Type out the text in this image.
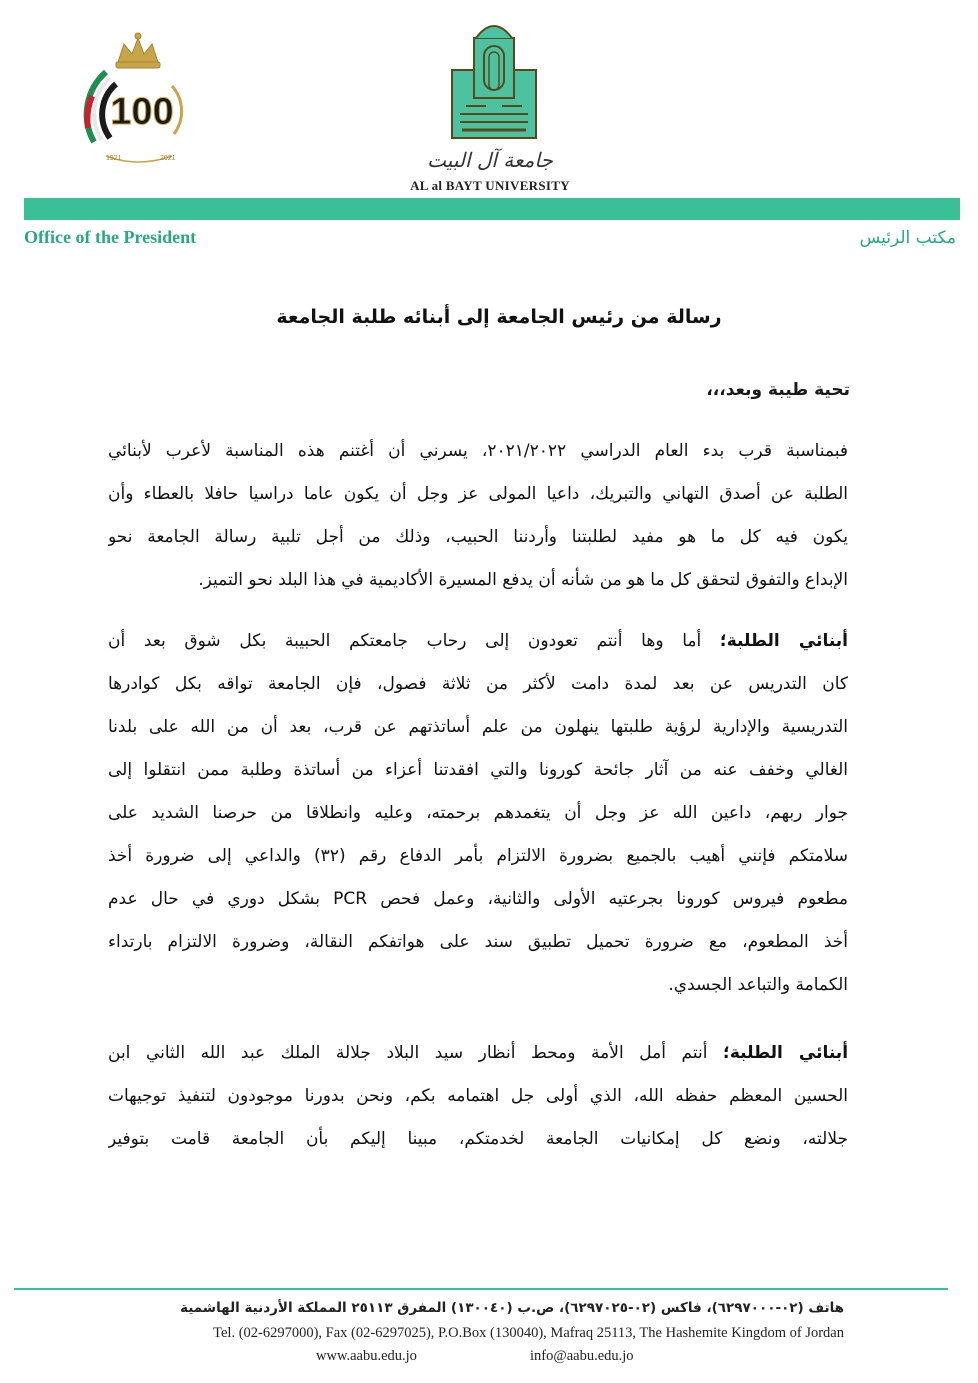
100
1921	2021	جامعة آل البيت
AL al BAYT UNIVERSITY
Office of the President	مكتب الرئيس
رسالة من رئيس الجامعة إلى أبنائه طلبة الجامعة
تحية طيبة وبعد،،،
فبمناسبة قرب بدء العام الدراسي ٢٠٢١/٢٠٢٢، يسرني أن أغتنم هذه المناسبة لأعرب لأبنائي
الطلبة عن أصدق التهاني والتبريك، داعيا المولى عز وجل أن يكون عاما دراسيا حافلا بالعطاء وأن
يكون فيه كل ما هو مفيد لطلبتنا وأردننا الحبيب، وذلك من أجل تلبية رسالة الجامعة نحو
الإبداع والتفوق لتحقق كل ما هو من شأنه أن يدفع المسيرة الأكاديمية في هذا البلد نحو التميز.
أبنائي الطلبة؛ أما وها أنتم تعودون إلى رحاب جامعتكم الحبيبة بكل شوق بعد أن
كان التدريس عن بعد لمدة دامت لأكثر من ثلاثة فصول، فإن الجامعة تواقه بكل كوادرها
التدريسية والإدارية لرؤية طلبتها ينهلون من علم أساتذتهم عن قرب، بعد أن من الله على بلدنا
الغالي وخفف عنه من آثار جائحة كورونا والتي افقدتنا أعزاء من أساتذة وطلبة ممن انتقلوا إلى
جوار ربهم، داعين الله عز وجل أن يتغمدهم برحمته، وعليه وانطلاقا من حرصنا الشديد على
سلامتكم فإنني أهيب بالجميع بضرورة الالتزام بأمر الدفاع رقم (٣٢) والداعي إلى ضرورة أخذ
مطعوم فيروس كورونا بجرعتيه الأولى والثانية، وعمل فحص PCR بشكل دوري في حال عدم
أخذ المطعوم، مع ضرورة تحميل تطبيق سند على هواتفكم النقالة، وضرورة الالتزام بارتداء
الكمامة والتباعد الجسدي.
أبنائي الطلبة؛ أنتم أمل الأمة ومحط أنظار سيد البلاد جلالة الملك عبد الله الثاني ابن
الحسين المعظم حفظه الله، الذي أولى جل اهتمامه بكم، ونحن بدورنا موجودون لتنفيذ توجيهات
جلالته، ونضع كل إمكانيات الجامعة لخدمتكم، مبينا إليكم بأن الجامعة قامت بتوفير
هاتف (٠٢-٦٢٩٧٠٠٠)، فاكس (٠٢-٦٢٩٧٠٢٥)، ص.ب (١٣٠٠٤٠) المفرق ٢٥١١٣ المملكة الأردنية الهاشمية
Tel. (02-6297000), Fax (02-6297025), P.O.Box (130040), Mafraq 25113, The Hashemite Kingdom of Jordan
www.aabu.edu.jo	info@aabu.edu.jo
